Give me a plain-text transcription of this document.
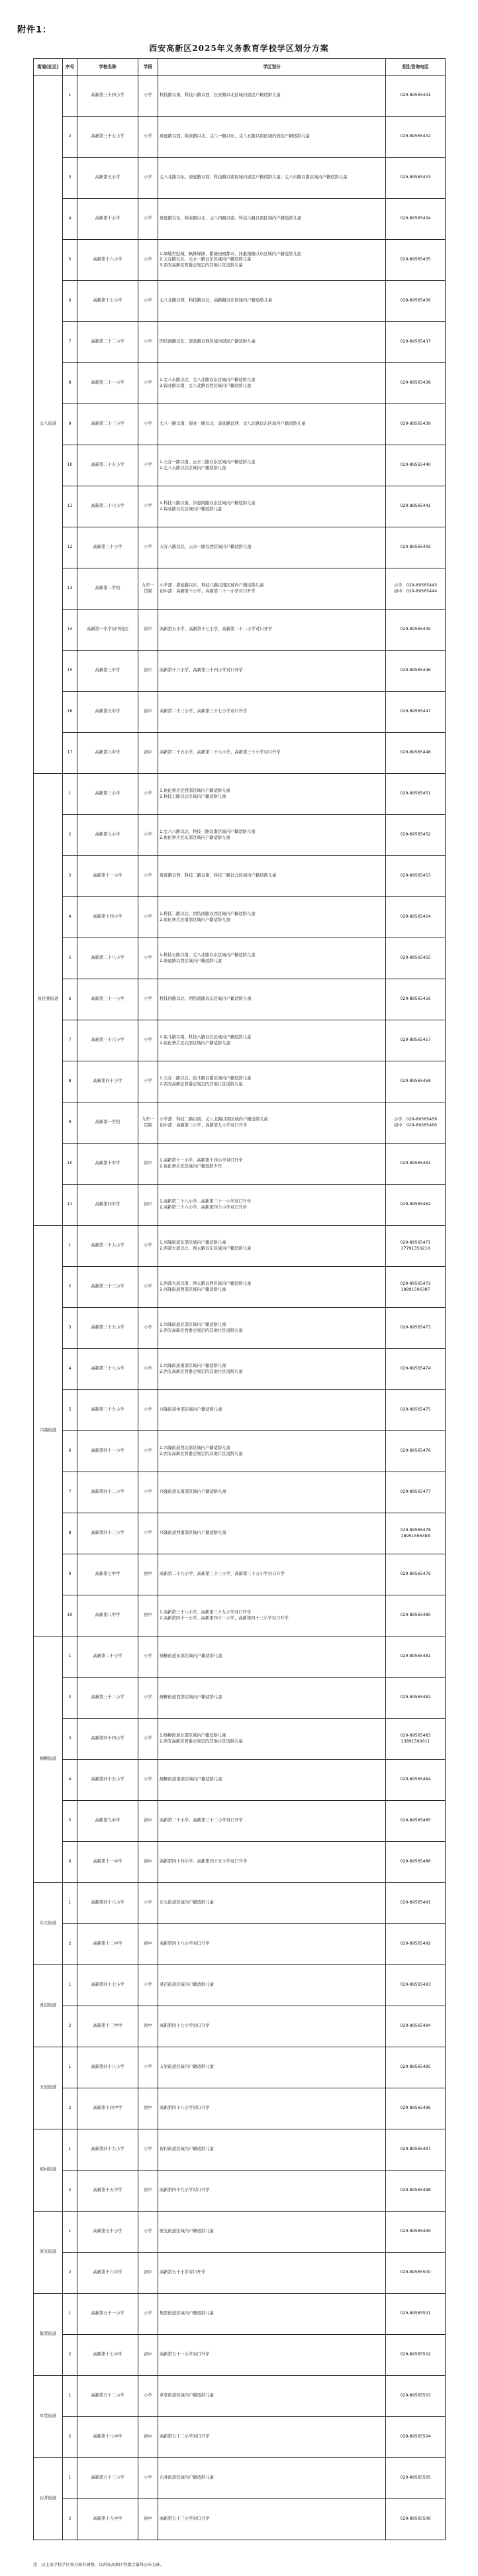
附件1：
西安高新区2025年义务教育学校学区划分方案
街道(社区)	序号	学校名称	学段	学区划分	招生咨询电话
丈八街道	1	高新第三十四小学	小学	科技路以南、科技六路以西、长安路以北区域内居民户籍适龄儿童	029-89565431
	2	高新第三十七小学	小学	唐延路以西、锦业路以北、丈八一路以东、丈八五路以南区域内居民户籍适龄儿童	029-89565432
	3	高新第五小学	小学	丈八北路以东、唐延路以西、科技路以南区域内居民户籍适龄儿童；丈八东路以南区域内户籍适龄儿童	029-89565433
	4	高新第十小学	小学	唐延路以东、锦业路以北、丈八四路以南、科技六路以西区域内户籍适龄儿童	029-89565434
	5	高新第十六小学	小学	1.绿地世纪城、枫林绿洲、紫薇田园都市、沣惠南路以东区域内户籍适龄儿童
2.天谷路以北、云水一路以东区域内户籍适龄儿童
3.西安高新区管委会划定的其他片区适龄儿童	029-89565435
	6	高新第十七小学	小学	丈八北路以西、科技路以北、高新路以东区域内户籍适龄儿童	029-89565436
	7	高新第二十二小学	小学	团结南路以东、唐延路以西区域内居民户籍适龄儿童	029-89565437
	8	高新第二十一小学	小学	1.丈八东路以北、丈八北路以东区域内户籍适龄儿童
2.锦业路以南、丈八北路以西区域内户籍适龄儿童	029-89565438
	9	高新第二十三小学	小学	丈八一路以南、锦业一路以北、唐延路以西、丈八北路以东区域内户籍适龄儿童	029-89565439
	10	高新第二十五小学	小学	1.天谷一路以南、云水三路以东区域内户籍适龄儿童
2.丈八五路以北区域内户籍适龄儿童	029-89565440
	11	高新第二十六小学	小学	1.科技八路以南、沣惠南路以东区域内户籍适龄儿童
2.锦业路以北区域内户籍适龄儿童	029-89565441
	12	高新第三十小学	小学	天谷八路以北、云水一路以西区域内户籍适龄儿童	029-89565442
	13	高新第二学校	九年一贯制	小学部：唐延路以东、科技六路以南区域内户籍适龄儿童
初中部：高新第十小学、高新第二十一小学对口升学	小学：029-89565443
初中：029-89565444
	14	高新第一中学初中校区	初中	高新第五小学、高新第十七小学、高新第二十二小学对口升学	029-89565445
	15	高新第三中学	初中	高新第十六小学、高新第三十四小学对口升学	029-89565446
	16	高新第五中学	初中	高新第二十三小学、高新第三十七小学对口升学	029-89565447
	17	高新第六中学	初中	高新第二十五小学、高新第二十六小学、高新第三十小学对口升学	029-89565448
鱼化寨街道	1	高新第三小学	小学	1.鱼化寨片区西部区域内户籍适龄儿童
2.科技七路以北区域内户籍适龄儿童	029-89565451
	2	高新第九小学	小学	1.丈八六路以北、科技三路以南区域内户籍适龄儿童
2.鱼化寨片区东部区域内户籍适龄儿童	029-89565452
	3	高新第十一小学	小学	唐延路以西、科技二路以南、科技三路以北区域内户籍适龄儿童	029-89565453
	4	高新第十四小学	小学	1.科技二路以北、团结南路以西区域内户籍适龄儿童
2.鱼化寨片区南部区域内户籍适龄儿童	029-89565454
	5	高新第二十八小学	小学	1.科技五路以南、丈八北路以东区域内户籍适龄儿童
2.唐延路以西区域内户籍适龄儿童	029-89565455
	6	高新第三十一小学	小学	科技四路以北、团结南路以东区域内户籍适龄儿童	029-89565456
	7	高新第三十六小学	小学	1.鱼斗路以南、科技八路以北区域内户籍适龄儿童
2.鱼化寨片区北部区域内户籍适龄儿童	029-89565457
	8	高新第四十小学	小学	1.天谷二路以北、鱼斗路以南区域内户籍适龄儿童
2.西安高新区管委会划定的其他片区适龄儿童	029-89565458
	9	高新第一学校	九年一贯制	小学部：科技二路以南、丈八北路以西区域内户籍适龄儿童
初中部：高新第三小学、高新第九小学对口升学	小学：029-89565459
初中：029-89565460
	10	高新第十中学	初中	1.高新第十一小学、高新第十四小学对口升学
2.鱼化寨片区区域内户籍适龄少年	029-89565461
	11	高新第四中学	初中	1.高新第二十八小学、高新第三十一小学对口升学
2.高新第三十六小学、高新第四十小学对口升学	029-89565462
兴隆街道	1	高新第二十九小学	小学	1.兴隆街道东部区域内户籍适龄儿童
2.西部大道以北、西太路以东区域内户籍适龄儿童	029-89565471
17791350210
	2	高新第三十三小学	小学	1.西部大道以南、西太路以西区域内户籍适龄儿童
2.兴隆街道西部区域内户籍适龄儿童	029-89565472
18991596387
	3	高新第三十五小学	小学	1.兴隆街道北部区域内户籍适龄儿童
2.西安高新区管委会划定的其他片区适龄儿童	029-89565473
	4	高新第三十八小学	小学	1.兴隆街道南部区域内户籍适龄儿童
2.西安高新区管委会划定的其他片区适龄儿童	029-89565474
	5	高新第三十九小学	小学	兴隆街道中部区域内户籍适龄儿童	029-89565475
	6	高新第四十一小学	小学	1.兴隆街道西北部区域内户籍适龄儿童
2.西安高新区管委会划定的其他片区适龄儿童	029-89565476
	7	高新第四十二小学	小学	兴隆街道东南部区域内户籍适龄儿童	029-89565477
	8	高新第四十三小学	小学	兴隆街道西南部区域内户籍适龄儿童	029-89565478
18991596388
	9	高新第七中学	初中	高新第二十九小学、高新第三十三小学、高新第三十五小学对口升学	029-89565479
	10	高新第八中学	初中	1.高新第三十八小学、高新第三十九小学对口升学
2.高新第四十一小学、高新第四十二小学、高新第四十三小学对口升学	029-89565480
细柳街道	1	高新第二十小学	小学	细柳街道东部区域内户籍适龄儿童	029-89565481
	2	高新第三十二小学	小学	细柳街道西部区域内户籍适龄儿童	029-89565482
	3	高新第四十四小学	小学	1.细柳街道北部区域内户籍适龄儿童
2.西安高新区管委会划定的其他片区适龄儿童	029-89565483
13891590011
	4	高新第四十五小学	小学	细柳街道南部区域内户籍适龄儿童	029-89565484
	5	高新第九中学	初中	高新第二十小学、高新第三十二小学对口升学	029-89565485
	6	高新第十一中学	初中	高新第四十四小学、高新第四十五小学对口升学	029-89565486
东大街道	1	高新第四十六小学	小学	东大街道区域内户籍适龄儿童	029-89565491
	2	高新第十二中学	初中	高新第四十六小学对口升学	029-89565492
灵沼街道	1	高新第四十七小学	小学	灵沼街道区域内户籍适龄儿童	029-89565493
	2	高新第十三中学	初中	高新第四十七小学对口升学	029-89565494
五星街道	1	高新第四十八小学	小学	五星街道区域内户籍适龄儿童	029-89565495
	2	高新第十四中学	初中	高新第四十八小学对口升学	029-89565496
祝村街道	1	高新第四十九小学	小学	祝村街道区域内户籍适龄儿童	029-89565497
	2	高新第十五中学	初中	高新第四十九小学对口升学	029-89565498
庞光街道	1	高新第五十小学	小学	庞光街道区域内户籍适龄儿童	029-89565499
	2	高新第十六中学	初中	高新第五十小学对口升学	029-89565500
集贤街道	1	高新第五十一小学	小学	集贤街道区域内户籍适龄儿童	029-89565501
	2	高新第十七中学	初中	高新第五十一小学对口升学	029-89565502
草堂街道	1	高新第五十二小学	小学	草堂街道区域内户籍适龄儿童	029-89565503
	2	高新第十八中学	初中	高新第五十二小学对口升学	029-89565504
石井街道	1	高新第五十三小学	小学	石井街道区域内户籍适龄儿童	029-89565505
	2	高新第十九中学	初中	高新第五十三小学对口升学	029-89565506
注：以上各学校学区划分如有调整，以西安高新区管委会最终公布为准。
